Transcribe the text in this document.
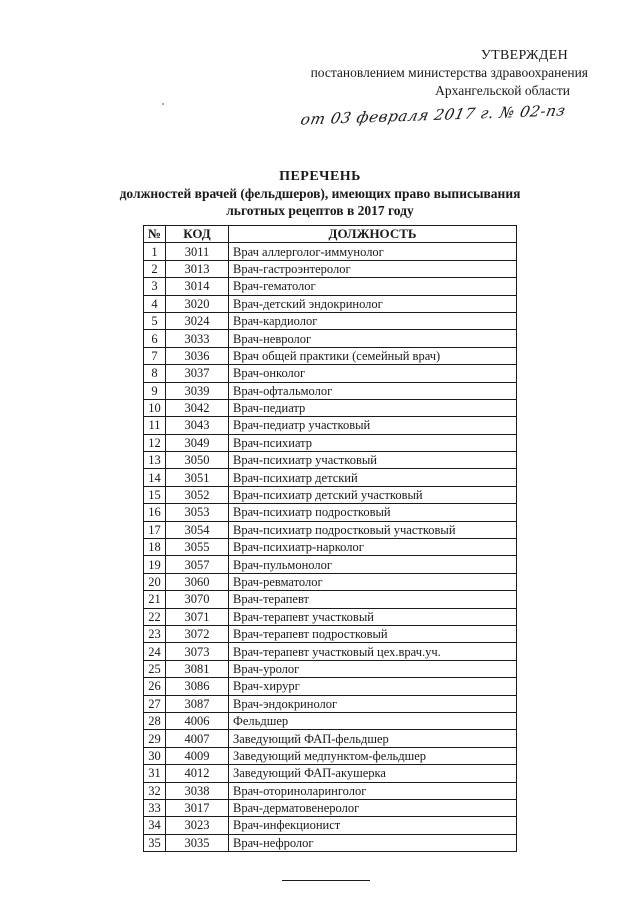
УТВЕРЖДЕН
постановлением министерства здравоохранения
Архангельской области
от 03 февраля 2017 г. № 02-пз
ПЕРЕЧЕНЬ
должностей врачей (фельдшеров), имеющих право выписывания
льготных рецептов в 2017 году
№	КОД	ДОЛЖНОСТЬ
1	3011	Врач аллерголог-иммунолог
2	3013	Врач-гастроэнтеролог
3	3014	Врач-гематолог
4	3020	Врач-детский эндокринолог
5	3024	Врач-кардиолог
6	3033	Врач-невролог
7	3036	Врач общей практики (семейный врач)
8	3037	Врач-онколог
9	3039	Врач-офтальмолог
10	3042	Врач-педиатр
11	3043	Врач-педиатр участковый
12	3049	Врач-психиатр
13	3050	Врач-психиатр участковый
14	3051	Врач-психиатр детский
15	3052	Врач-психиатр детский участковый
16	3053	Врач-психиатр подростковый
17	3054	Врач-психиатр подростковый участковый
18	3055	Врач-психиатр-нарколог
19	3057	Врач-пульмонолог
20	3060	Врач-ревматолог
21	3070	Врач-терапевт
22	3071	Врач-терапевт участковый
23	3072	Врач-терапевт подростковый
24	3073	Врач-терапевт участковый цех.врач.уч.
25	3081	Врач-уролог
26	3086	Врач-хирург
27	3087	Врач-эндокринолог
28	4006	Фельдшер
29	4007	Заведующий ФАП-фельдшер
30	4009	Заведующий медпунктом-фельдшер
31	4012	Заведующий ФАП-акушерка
32	3038	Врач-оториноларинголог
33	3017	Врач-дерматовенеролог
34	3023	Врач-инфекционист
35	3035	Врач-нефролог
